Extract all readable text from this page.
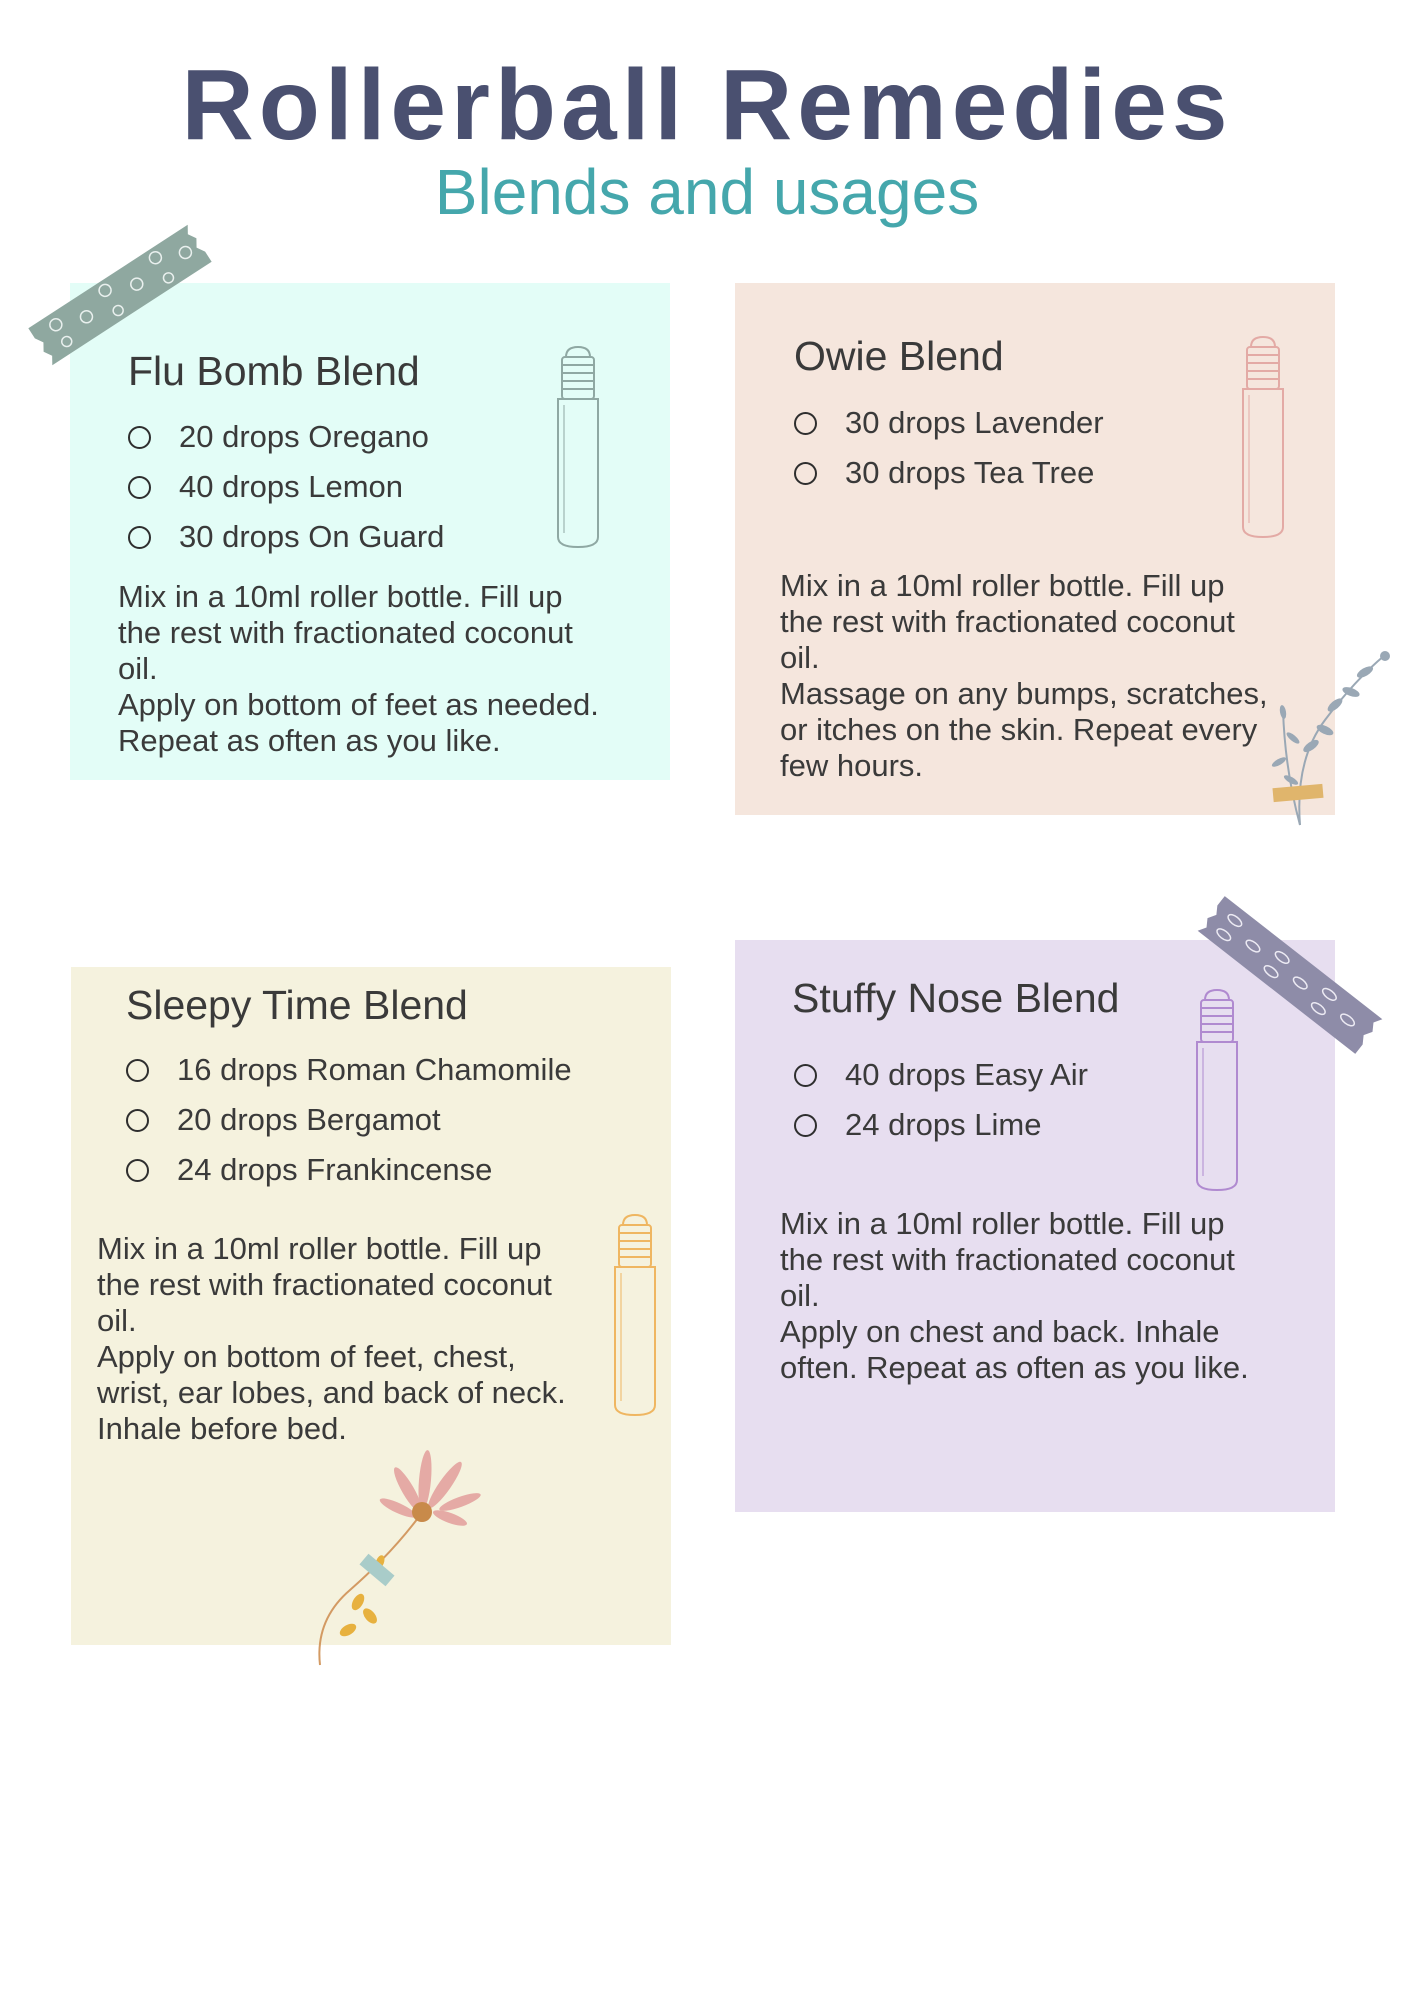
Rollerball Remedies
Blends and usages
Flu Bomb Blend
20 drops Oregano
40 drops Lemon
30 drops On Guard
Mix in a 10ml roller bottle. Fill up
the rest with fractionated coconut
oil.
Apply on bottom of feet as needed.
Repeat as often as you like.
Owie Blend
30 drops Lavender
30 drops Tea Tree
Mix in a 10ml roller bottle. Fill up
the rest with fractionated coconut
oil.
Massage on any bumps, scratches,
or itches on the skin. Repeat every
few hours.
Sleepy Time Blend
16 drops Roman Chamomile
20 drops Bergamot
24 drops Frankincense
Mix in a 10ml roller bottle. Fill up
the rest with fractionated coconut
oil.
Apply on bottom of feet, chest,
wrist, ear lobes, and back of neck.
Inhale before bed.
Stuffy Nose Blend
40 drops Easy Air
24 drops Lime
Mix in a 10ml roller bottle. Fill up
the rest with fractionated coconut
oil.
Apply on chest and back. Inhale
often. Repeat as often as you like.
